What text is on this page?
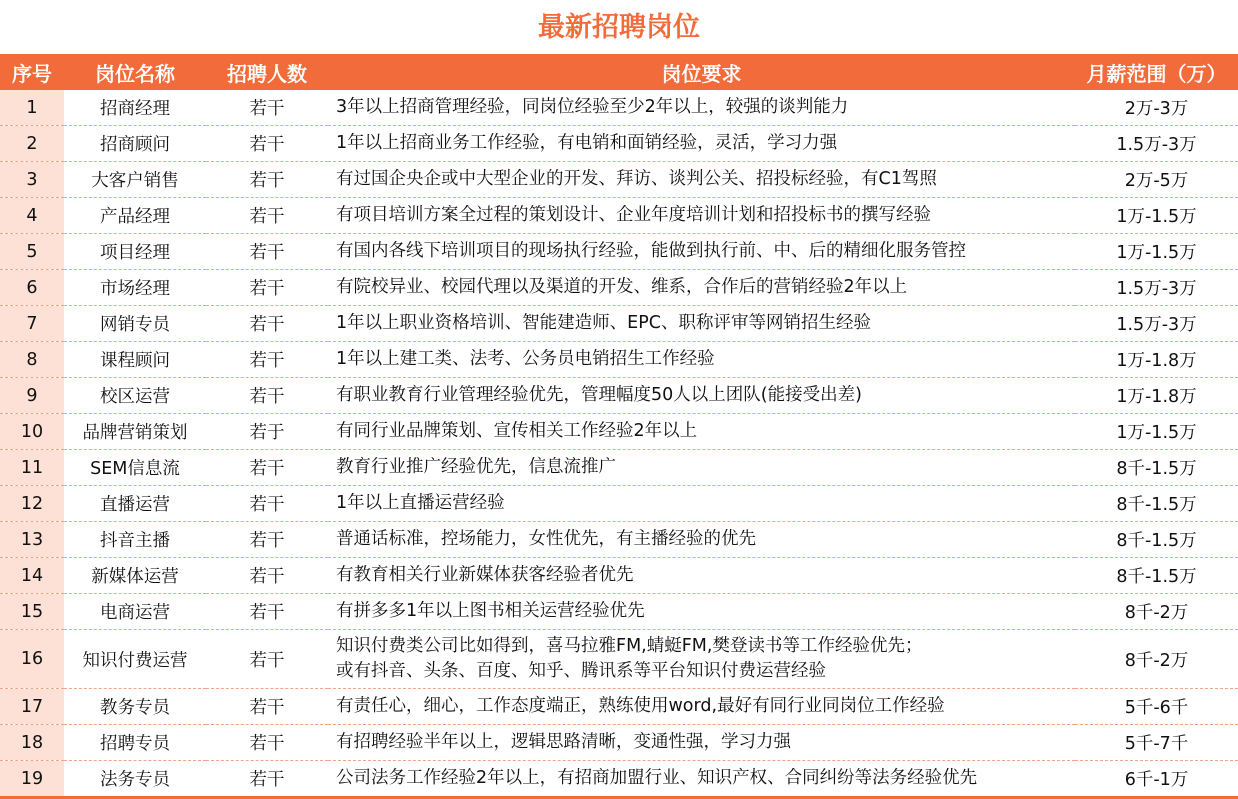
最新招聘岗位
序号	岗位名称	招聘人数	岗位要求	月薪范围（万）
1	招商经理	若干	3年以上招商管理经验，同岗位经验至少2年以上，较强的谈判能力	2万-3万
2	招商顾问	若干	1年以上招商业务工作经验，有电销和面销经验，灵活，学习力强	1.5万-3万
3	大客户销售	若干	有过国企央企或中大型企业的开发、拜访、谈判公关、招投标经验，有C1驾照	2万-5万
4	产品经理	若干	有项目培训方案全过程的策划设计、企业年度培训计划和招投标书的撰写经验	1万-1.5万
5	项目经理	若干	有国内各线下培训项目的现场执行经验，能做到执行前、中、后的精细化服务管控	1万-1.5万
6	市场经理	若干	有院校异业、校园代理以及渠道的开发、维系，合作后的营销经验2年以上	1.5万-3万
7	网销专员	若干	1年以上职业资格培训、智能建造师、EPC、职称评审等网销招生经验	1.5万-3万
8	课程顾问	若干	1年以上建工类、法考、公务员电销招生工作经验	1万-1.8万
9	校区运营	若干	有职业教育行业管理经验优先，管理幅度50人以上团队(能接受出差)	1万-1.8万
10	品牌营销策划	若于	有同行业品牌策划、宣传相关工作经验2年以上	1万-1.5万
11	SEM信息流	若干	教育行业推广经验优先，信息流推广	8千-1.5万
12	直播运营	若干	1年以上直播运营经验	8千-1.5万
13	抖音主播	若干	普通话标准，控场能力，女性优先，有主播经验的优先	8千-1.5万
14	新媒体运营	若干	有教育相关行业新媒体获客经验者优先	8千-1.5万
15	电商运营	若干	有拼多多1年以上图书相关运营经验优先	8千-2万
16	知识付费运营	若干	知识付费类公司比如得到，喜马拉雅FM,蜻蜓FM,樊登读书等工作经验优先；
或有抖音、头条、百度、知乎、腾讯系等平台知识付费运营经验	8千-2万
17	教务专员	若干	有责任心，细心，工作态度端正，熟练使用word,最好有同行业同岗位工作经验	5千-6千
18	招聘专员	若干	有招聘经验半年以上，逻辑思路清晰，变通性强，学习力强	5千-7千
19	法务专员	若干	公司法务工作经验2年以上，有招商加盟行业、知识产权、合同纠纷等法务经验优先	6千-1万
